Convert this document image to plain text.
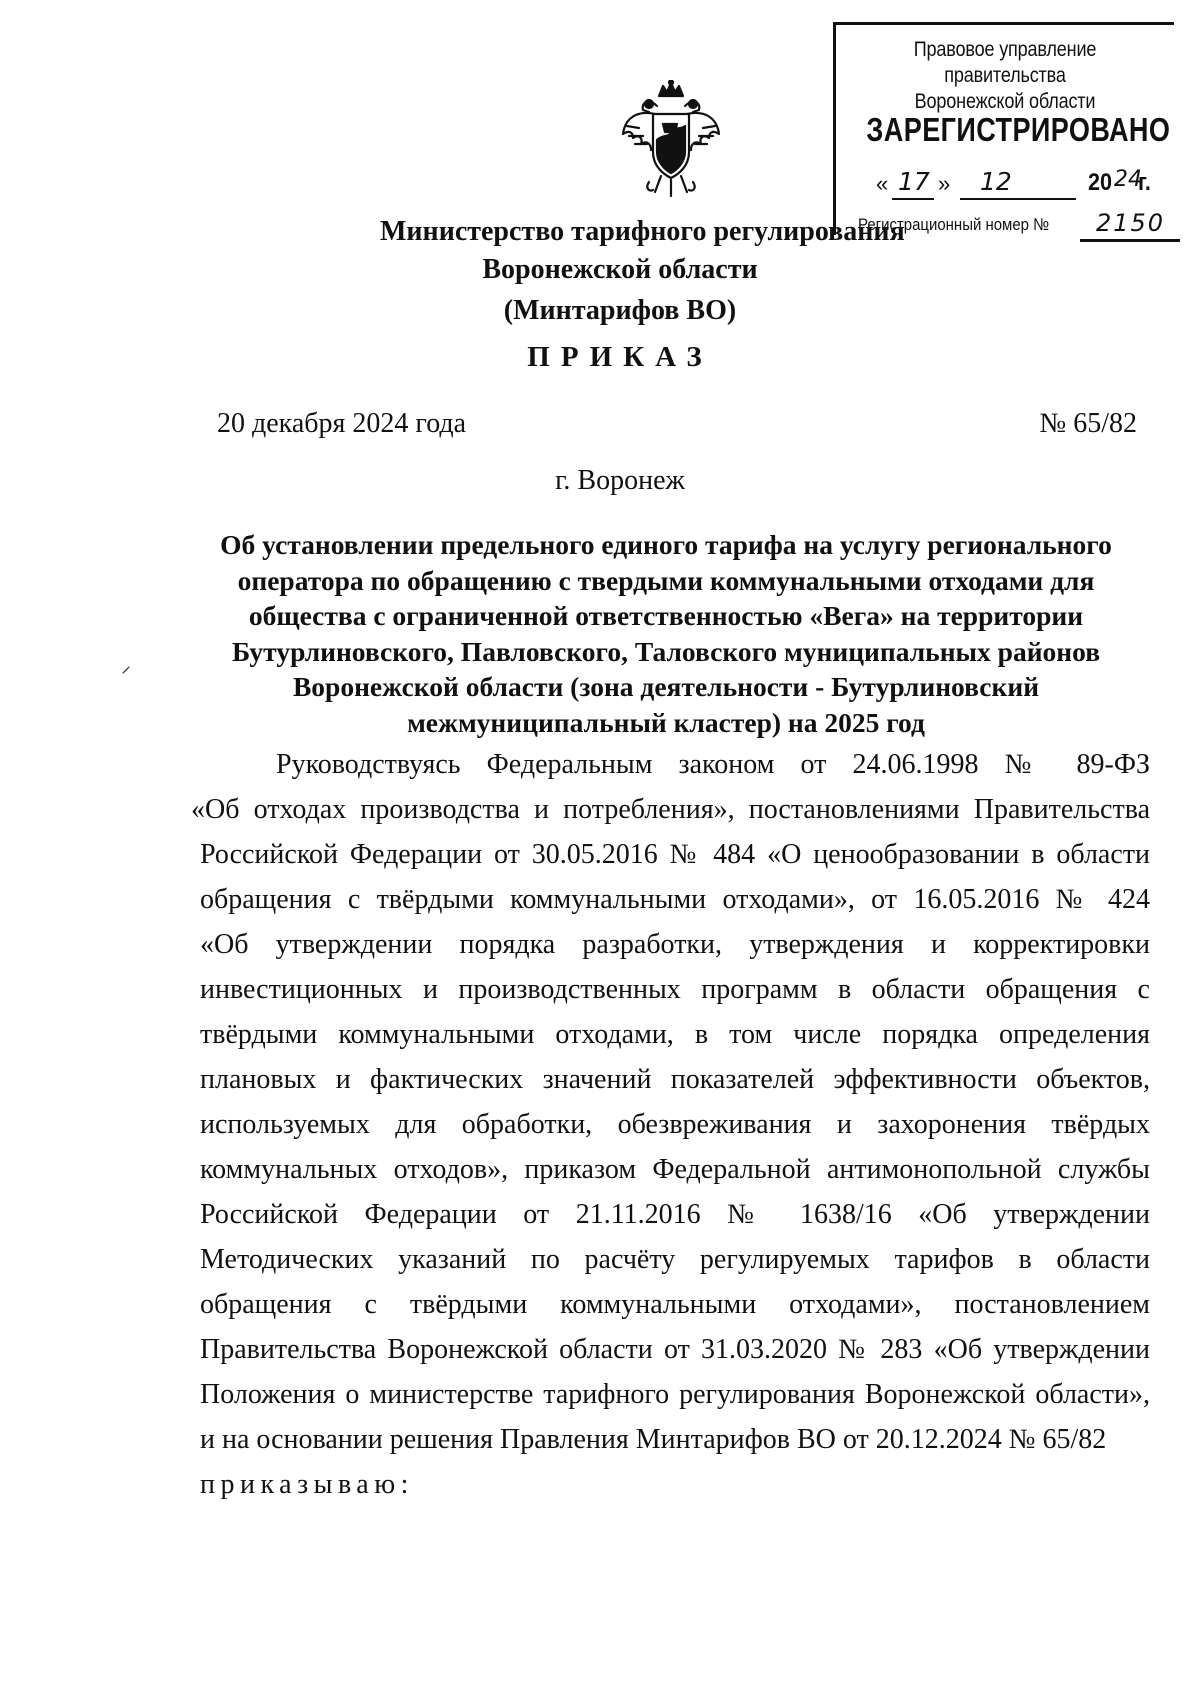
Правовое управление правительства
Воронежской области
ЗАРЕГИСТРИРОВАНО
« 17 » 12	20 24
г.
Регистрационный номер № 2150
Министерство тарифного регулирования
Воронежской области
(Минтарифов ВО)
ПРИКАЗ
20 декабря 2024 года	№ 65/82
г. Воронеж
Об установлении предельного единого тарифа на услугу регионального
оператора по обращению с твердыми коммунальными отходами для
общества с ограниченной ответственностью «Вега» на территории
Бутурлиновского, Павловского, Таловского муниципальных районов
Воронежской области (зона деятельности - Бутурлиновский
межмуниципальный кластер) на 2025 год
Руководствуясь Федеральным законом от 24.06.1998 № 89-ФЗ
«Об отходах производства и потребления», постановлениями Правительства
Российской Федерации от 30.05.2016 № 484 «О ценообразовании в области
обращения с твёрдыми коммунальными отходами», от 16.05.2016 № 424
«Об утверждении порядка разработки, утверждения и корректировки
инвестиционных и производственных программ в области обращения с
твёрдыми коммунальными отходами, в том числе порядка определения
плановых и фактических значений показателей эффективности объектов,
используемых для обработки, обезвреживания и захоронения твёрдых
коммунальных отходов», приказом Федеральной антимонопольной службы
Российской Федерации от 21.11.2016 № 1638/16 «Об утверждении
Методических указаний по расчёту регулируемых тарифов в области
обращения с твёрдыми коммунальными отходами», постановлением
Правительства Воронежской области от 31.03.2020 № 283 «Об утверждении
Положения о министерстве тарифного регулирования Воронежской области»,
и на основании решения Правления Минтарифов ВО от 20.12.2024 № 65/82
приказываю:
